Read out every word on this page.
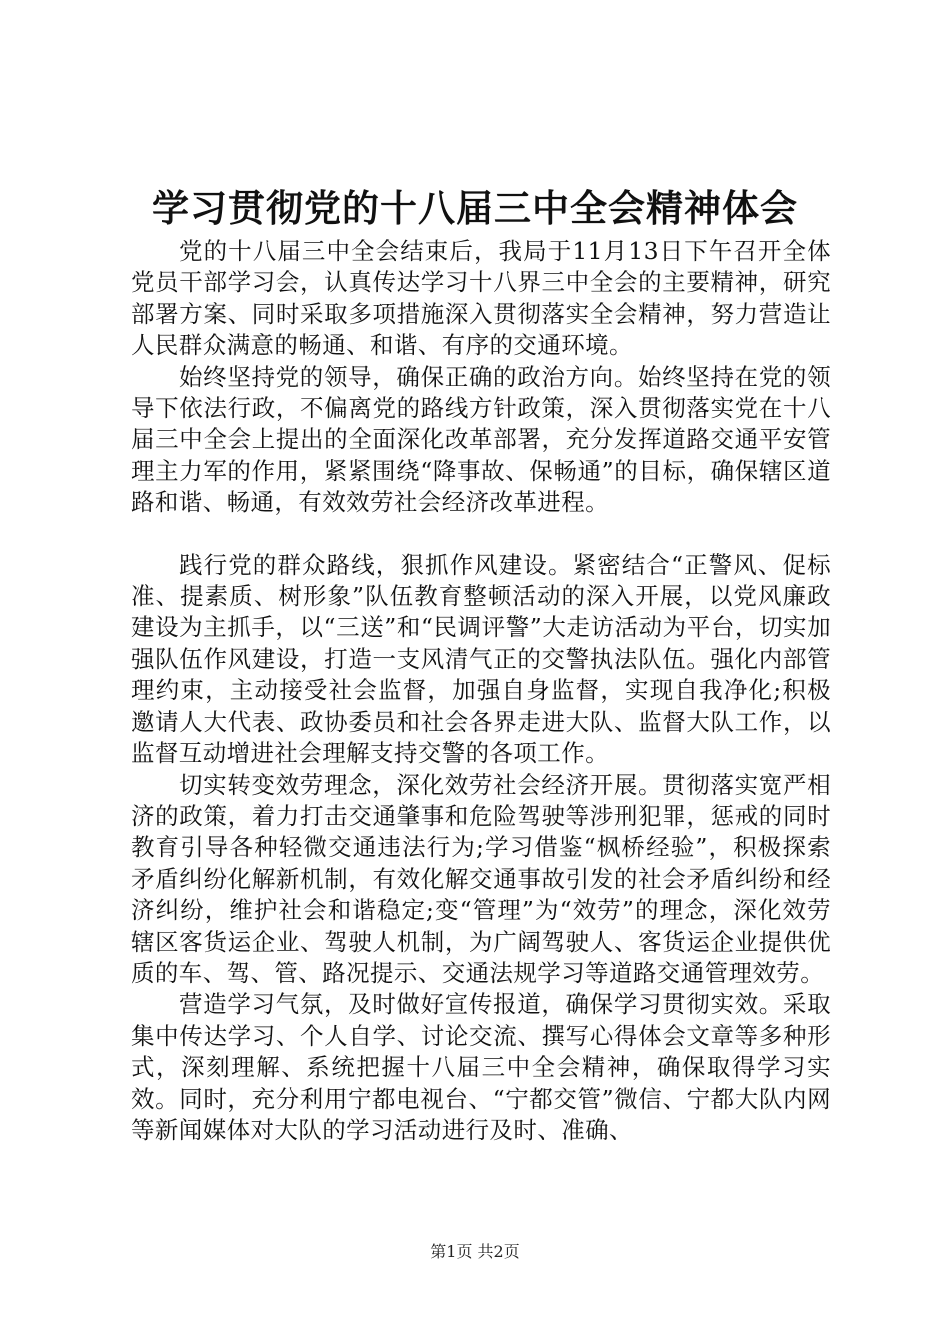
学习贯彻党的十八届三中全会精神体会

党的十八届三中全会结束后，我局于11月13日下午召开全体党员干部学习会，认真传达学习十八界三中全会的主要精神，研究部署方案、同时采取多项措施深入贯彻落实全会精神，努力营造让人民群众满意的畅通、和谐、有序的交通环境。

始终坚持党的领导，确保正确的政治方向。始终坚持在党的领导下依法行政，不偏离党的路线方针政策，深入贯彻落实党在十八届三中全会上提出的全面深化改革部署，充分发挥道路交通平安管理主力军的作用，紧紧围绕“降事故、保畅通”的目标，确保辖区道路和谐、畅通，有效效劳社会经济改革进程。

践行党的群众路线，狠抓作风建设。紧密结合“正警风、促标准、提素质、树形象”队伍教育整顿活动的深入开展，以党风廉政建设为主抓手，以“三送”和“民调评警”大走访活动为平台，切实加强队伍作风建设，打造一支风清气正的交警执法队伍。强化内部管理约束，主动接受社会监督，加强自身监督，实现自我净化;积极邀请人大代表、政协委员和社会各界走进大队、监督大队工作，以监督互动增进社会理解支持交警的各项工作。

切实转变效劳理念，深化效劳社会经济开展。贯彻落实宽严相济的政策，着力打击交通肇事和危险驾驶等涉刑犯罪，惩戒的同时教育引导各种轻微交通违法行为;学习借鉴“枫桥经验”，积极探索矛盾纠纷化解新机制，有效化解交通事故引发的社会矛盾纠纷和经济纠纷，维护社会和谐稳定;变“管理”为“效劳”的理念，深化效劳辖区客货运企业、驾驶人机制，为广阔驾驶人、客货运企业提供优质的车、驾、管、路况提示、交通法规学习等道路交通管理效劳。

营造学习气氛，及时做好宣传报道，确保学习贯彻实效。采取集中传达学习、个人自学、讨论交流、撰写心得体会文章等多种形式，深刻理解、系统把握十八届三中全会精神，确保取得学习实效。同时，充分利用宁都电视台、“宁都交管”微信、宁都大队内网等新闻媒体对大队的学习活动进行及时、准确、

第1页 共2页
